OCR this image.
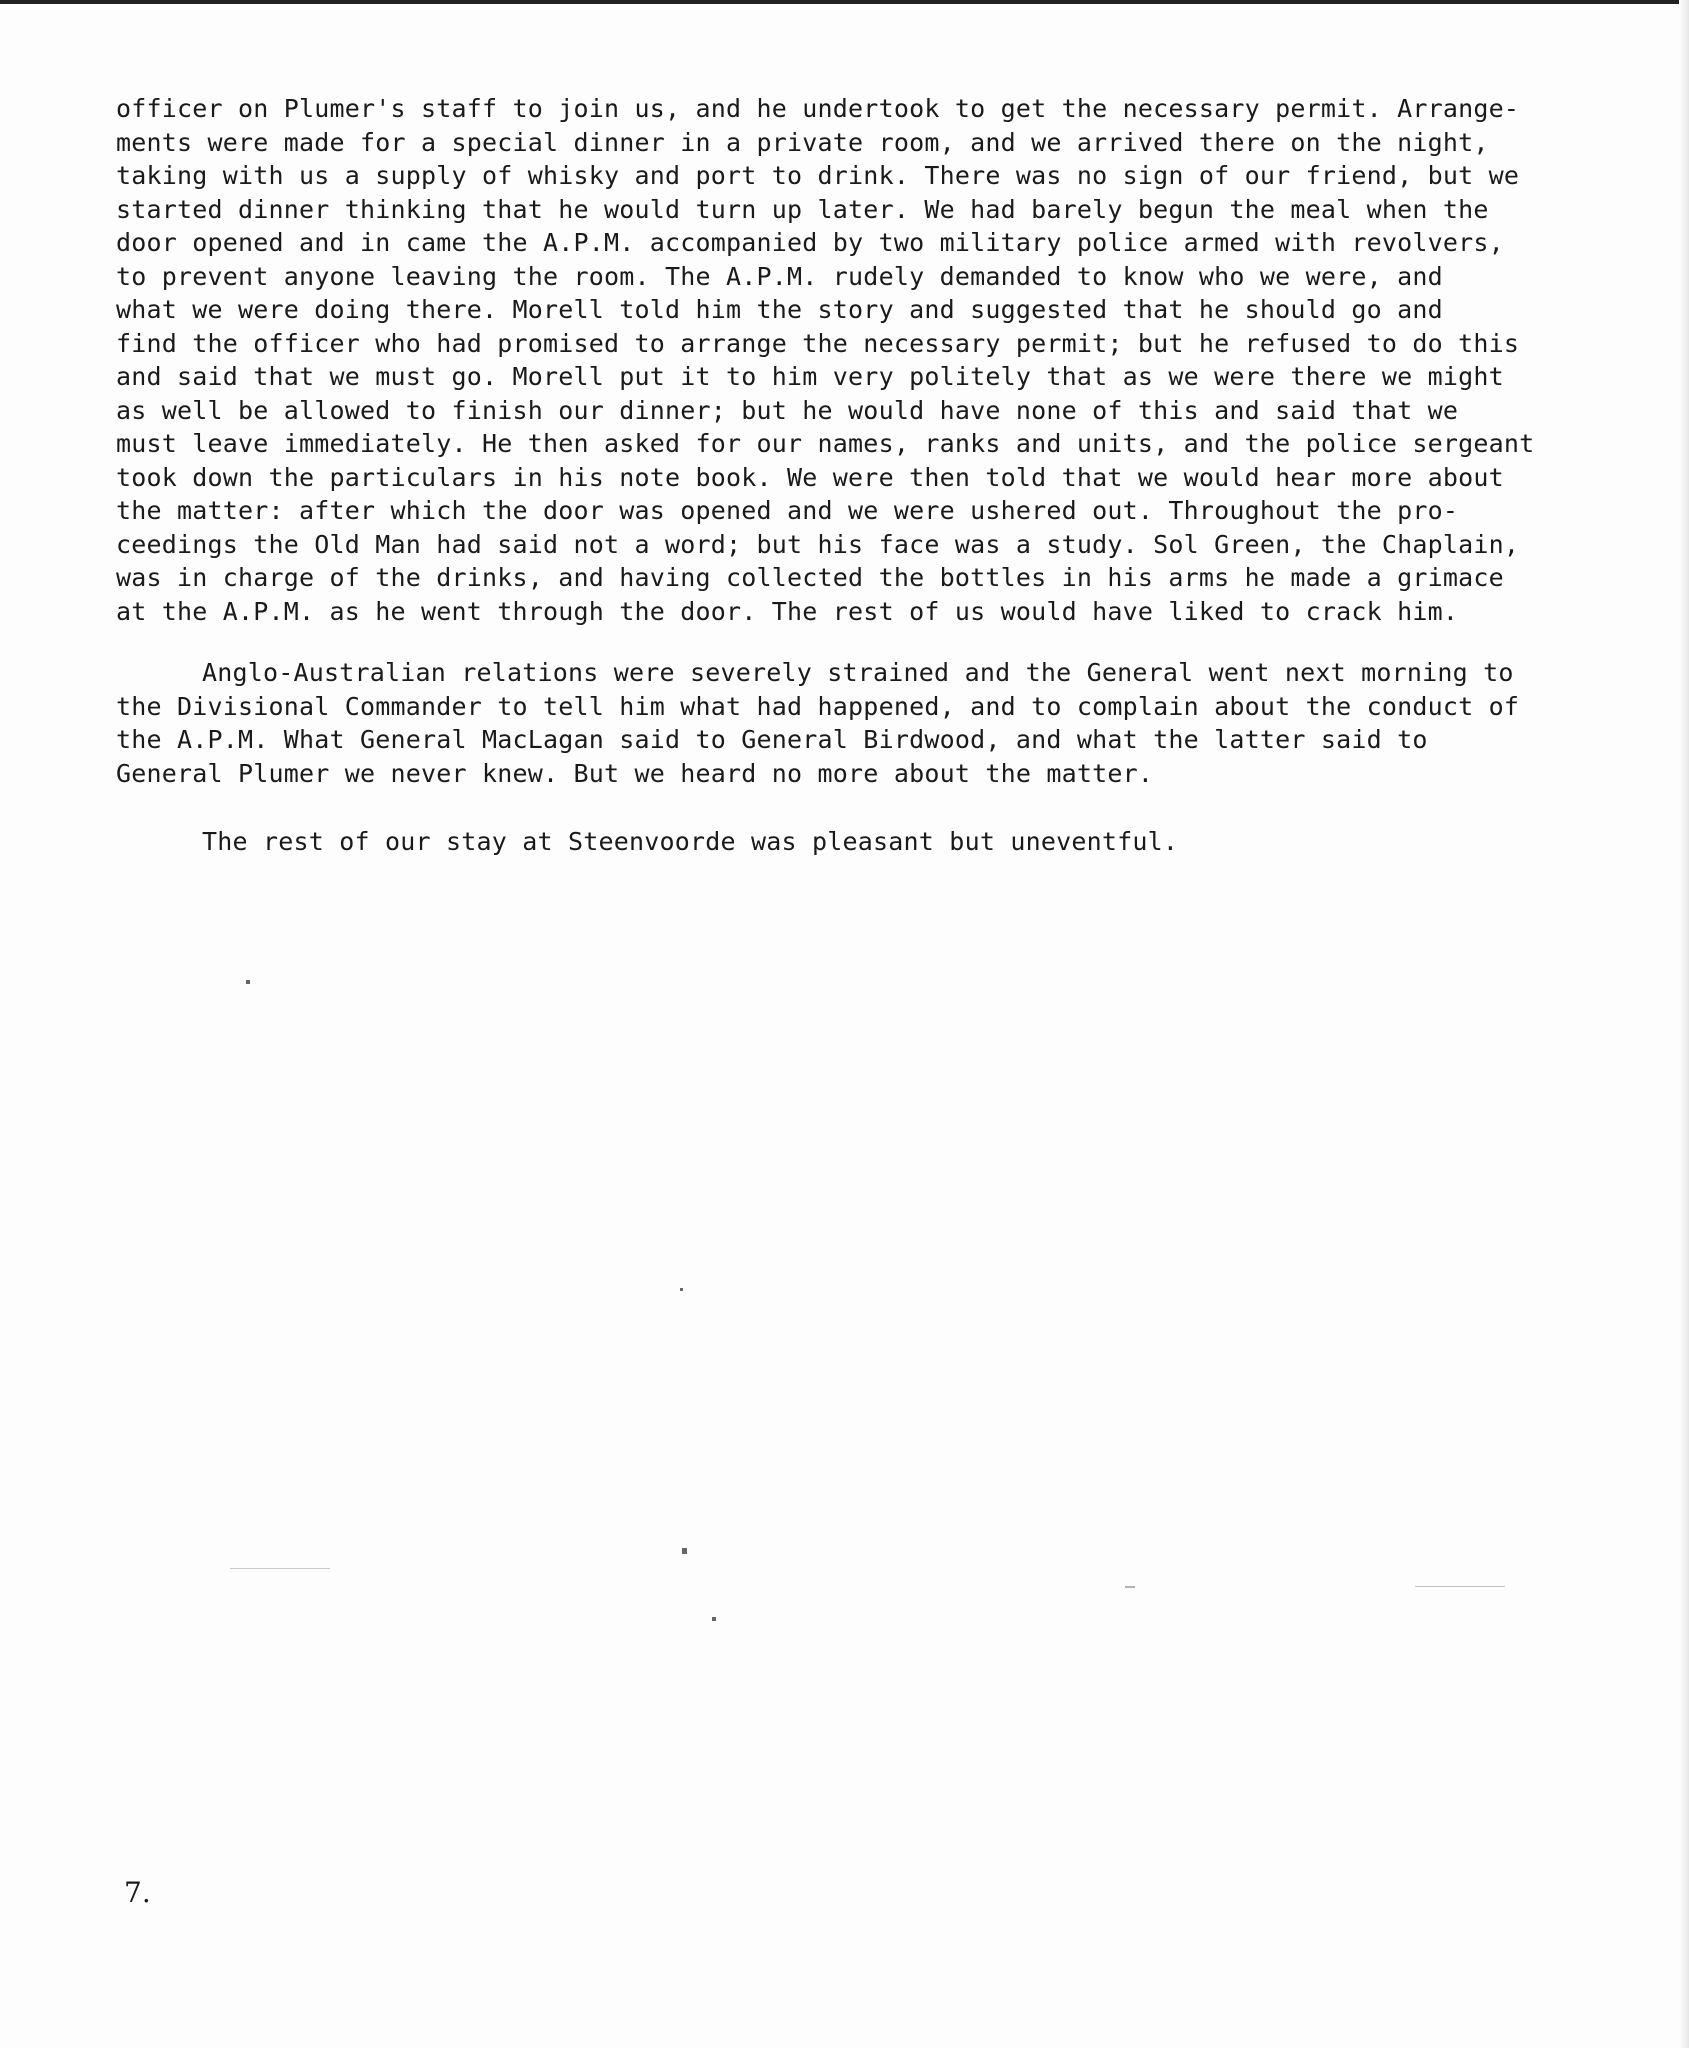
officer on Plumer's staff to join us, and he undertook to get the necessary permit. Arrange-
ments were made for a special dinner in a private room, and we arrived there on the night,
taking with us a supply of whisky and port to drink. There was no sign of our friend, but we
started dinner thinking that he would turn up later. We had barely begun the meal when the
door opened and in came the A.P.M. accompanied by two military police armed with revolvers,
to prevent anyone leaving the room. The A.P.M. rudely demanded to know who we were, and
what we were doing there. Morell told him the story and suggested that he should go and
find the officer who had promised to arrange the necessary permit; but he refused to do this
and said that we must go. Morell put it to him very politely that as we were there we might
as well be allowed to finish our dinner; but he would have none of this and said that we
must leave immediately. He then asked for our names, ranks and units, and the police sergeant
took down the particulars in his note book. We were then told that we would hear more about
the matter: after which the door was opened and we were ushered out. Throughout the pro-
ceedings the Old Man had said not a word; but his face was a study. Sol Green, the Chaplain,
was in charge of the drinks, and having collected the bottles in his arms he made a grimace
at the A.P.M. as he went through the door. The rest of us would have liked to crack him.
Anglo-Australian relations were severely strained and the General went next morning to
the Divisional Commander to tell him what had happened, and to complain about the conduct of
the A.P.M. What General MacLagan said to General Birdwood, and what the latter said to
General Plumer we never knew. But we heard no more about the matter.
The rest of our stay at Steenvoorde was pleasant but uneventful.
7.
